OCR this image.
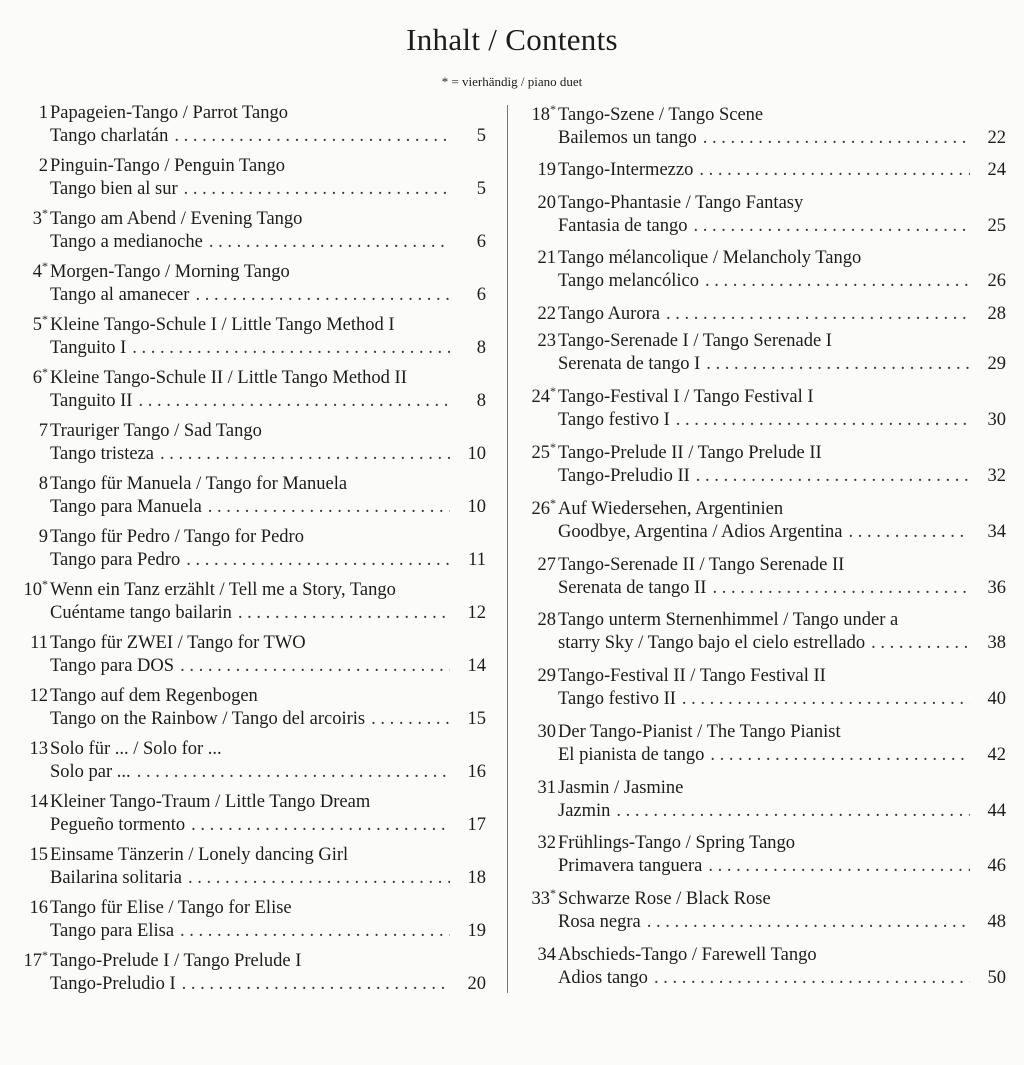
Inhalt / Contents
* = vierhändig / piano duet
1 Papageien-Tango / Parrot Tango
Tango charlatán . . .	5
2 Pinguin-Tango / Penguin Tango
Tango bien al sur . . .	5
3* Tango am Abend / Evening Tango
Tango a medianoche . . .	6
4* Morgen-Tango / Morning Tango
Tango al amanecer . . .	6
5* Kleine Tango-Schule I / Little Tango Method I
Tanguito I . . .	8
6* Kleine Tango-Schule II / Little Tango Method II
Tanguito II . . .	8
7 Trauriger Tango / Sad Tango
Tango tristeza . . .	10
8 Tango für Manuela / Tango for Manuela
Tango para Manuela . . .	10
9 Tango für Pedro / Tango for Pedro
Tango para Pedro . . .	11
10* Wenn ein Tanz erzählt / Tell me a Story, Tango
Cuéntame tango bailarin . . .	12
11 Tango für ZWEI / Tango for TWO
Tango para DOS . . .	14
12 Tango auf dem Regenbogen
Tango on the Rainbow / Tango del arcoiris . . .	15
13 Solo für ... / Solo for ...
Solo par ... . . .	16
14 Kleiner Tango-Traum / Little Tango Dream
Pegueño tormento . . .	17
15 Einsame Tänzerin / Lonely dancing Girl
Bailarina solitaria . . .	18
16 Tango für Elise / Tango for Elise
Tango para Elisa . . .	19
17* Tango-Prelude I / Tango Prelude I
Tango-Preludio I . . .	20
18* Tango-Szene / Tango Scene
Bailemos un tango . . .	22
19 Tango-Intermezzo . . .	24
20 Tango-Phantasie / Tango Fantasy
Fantasia de tango . . .	25
21 Tango mélancolique / Melancholy Tango
Tango melancólico . . .	26
22 Tango Aurora . . .	28
23 Tango-Serenade I / Tango Serenade I
Serenata de tango I . . .	29
24* Tango-Festival I / Tango Festival I
Tango festivo I . . .	30
25* Tango-Prelude II / Tango Prelude II
Tango-Preludio II . . .	32
26* Auf Wiedersehen, Argentinien
Goodbye, Argentina / Adios Argentina . . .	34
27 Tango-Serenade II / Tango Serenade II
Serenata de tango II . . .	36
28 Tango unterm Sternenhimmel / Tango under a
starry Sky / Tango bajo el cielo estrellado . . .	38
29 Tango-Festival II / Tango Festival II
Tango festivo II . . .	40
30 Der Tango-Pianist / The Tango Pianist
El pianista de tango . . .	42
31 Jasmin / Jasmine
Jazmin . . .	44
32 Frühlings-Tango / Spring Tango
Primavera tanguera . . .	46
33* Schwarze Rose / Black Rose
Rosa negra . . .	48
34 Abschieds-Tango / Farewell Tango
Adios tango . . .	50
